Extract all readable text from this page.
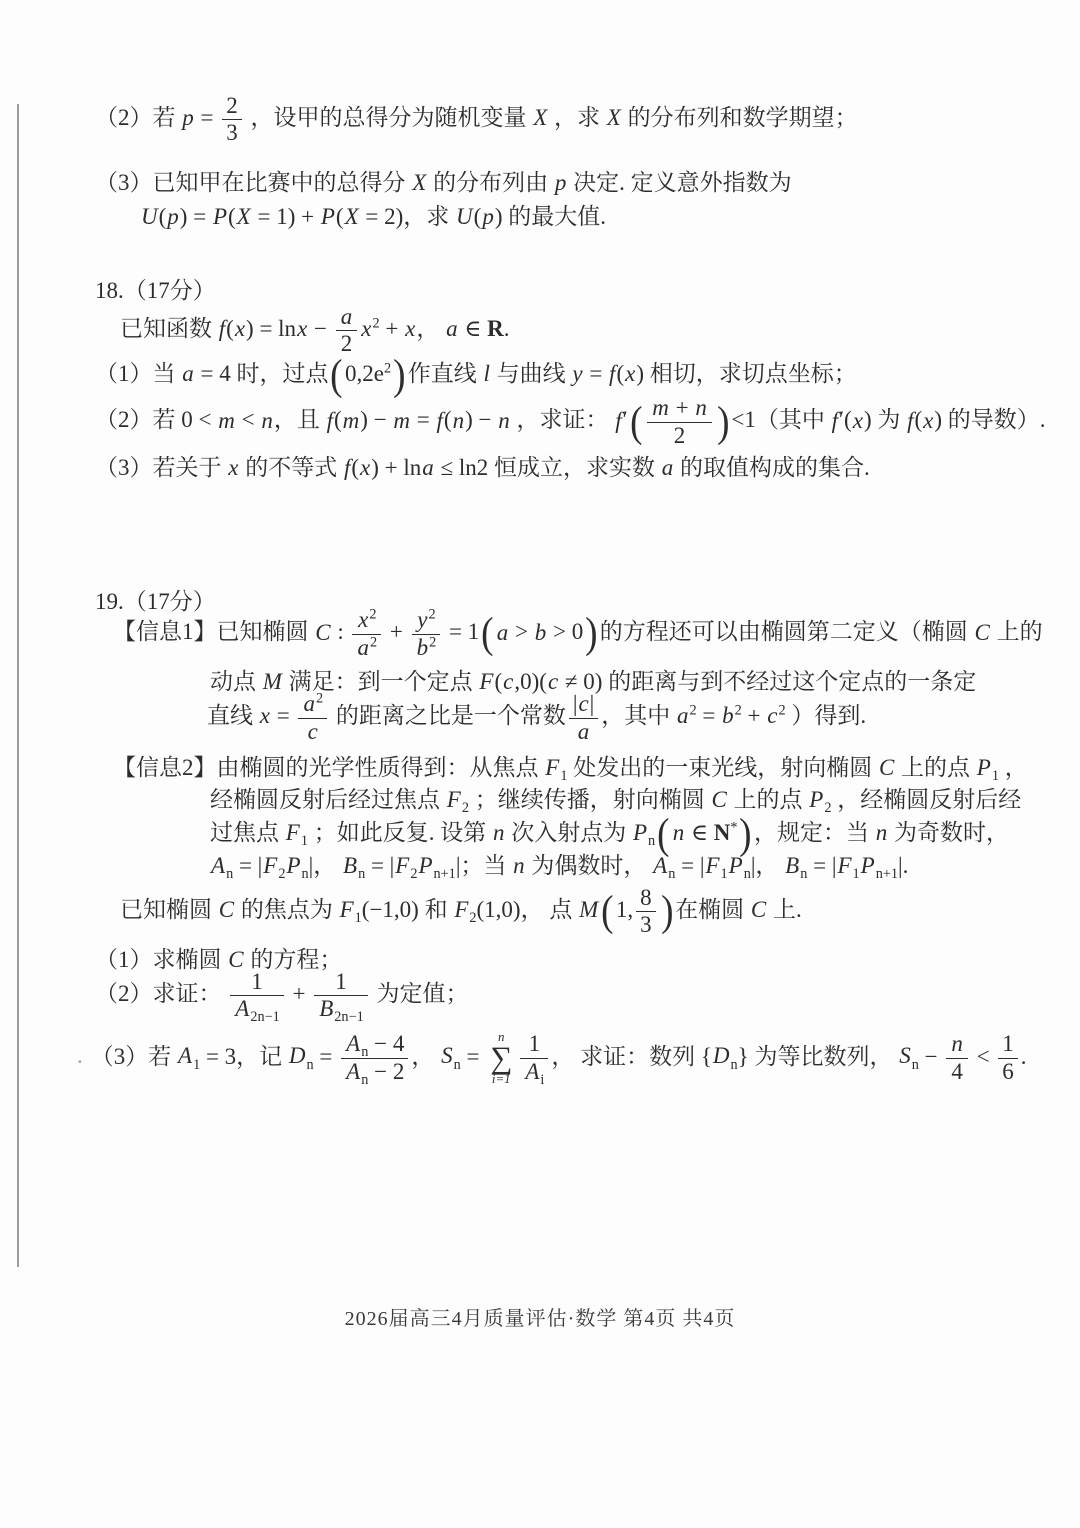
（2）若 $p = \frac{2}{3}$ ，设甲的总得分为随机变量 X ，求 X 的分布列和数学期望；
（3）已知甲在比赛中的总得分 X 的分布列由 p 决定. 定义意外指数为
U(p) = P(X = 1) + P(X = 2)，求 U(p) 的最大值.
18.（17分）
已知函数 $f(x) = \ln x - \frac{a}{2} x^2 + x$， a ∈ R.
（1）当 a = 4 时，过点$(0,2e^2)$作直线 l 与曲线 y = f(x) 相切，求切点坐标；
（2）若 0 < m < n，且 f(m) − m = f(n) − n ，求证： $f'( \frac{m + n}{2} )<1$（其中 f′(x) 为 f(x) 的导数）.
（3）若关于 x 的不等式 f(x) + lna ≤ ln2 恒成立，求实数 a 的取值构成的集合.
19.（17分）
【信息1】已知椭圆 C : $\frac{x^2}{a^2} + \frac{y^2}{b^2} = 1$( a > b > 0)的方程还可以由椭圆第二定义（椭圆 C 上的
动点 M 满足：到一个定点 F(c,0)(c ≠ 0) 的距离与到不经过这个定点的一条定
直线 $x = \frac{a^2}{c}$ 的距离之比是一个常数 $\frac{|c|}{a}$ ，其中 $a^2 = b^2 + c^2$ ）得到.
【信息2】由椭圆的光学性质得到：从焦点 $F_1$ 处发出的一束光线，射向椭圆 C 上的点 $P_1$ ，
经椭圆反射后经过焦点 $F_2$ ；继续传播，射向椭圆 C 上的点 $P_2$ ，经椭圆反射后经
过焦点 $F_1$ ；如此反复. 设第 n 次入射点为 $P_n$( n ∈ N*)，规定：当 n 为奇数时，
$A_n = |F_2P_n|$， $B_n = |F_2P_{n+1}|$；当 n 为偶数时， $A_n = |F_1P_n|$， $B_n = |F_1P_{n+1}|$.
已知椭圆 C 的焦点为 $F_1(-1,0)$ 和 $F_2(1,0)$， 点 M(1, $\frac{8}{3}$ )在椭圆 C 上.
（1）求椭圆 C 的方程；
（2）求证： $\frac{1}{A_{2n-1}} + \frac{1}{B_{2n-1}}$ 为定值；
. （3）若 $A_1 = 3$，记 $D_n = \frac{A_n - 4}{A_n - 2}$ ， $S_n$ =
n
∑
$i=1 \frac{1}{A_i}$ ， 求证：数列 $\{D_n\}$ 为等比数列， $S_n - \frac{n}{4} < \frac{1}{6}$ .
2026届高三4月质量评估·数学 第4页 共4页
